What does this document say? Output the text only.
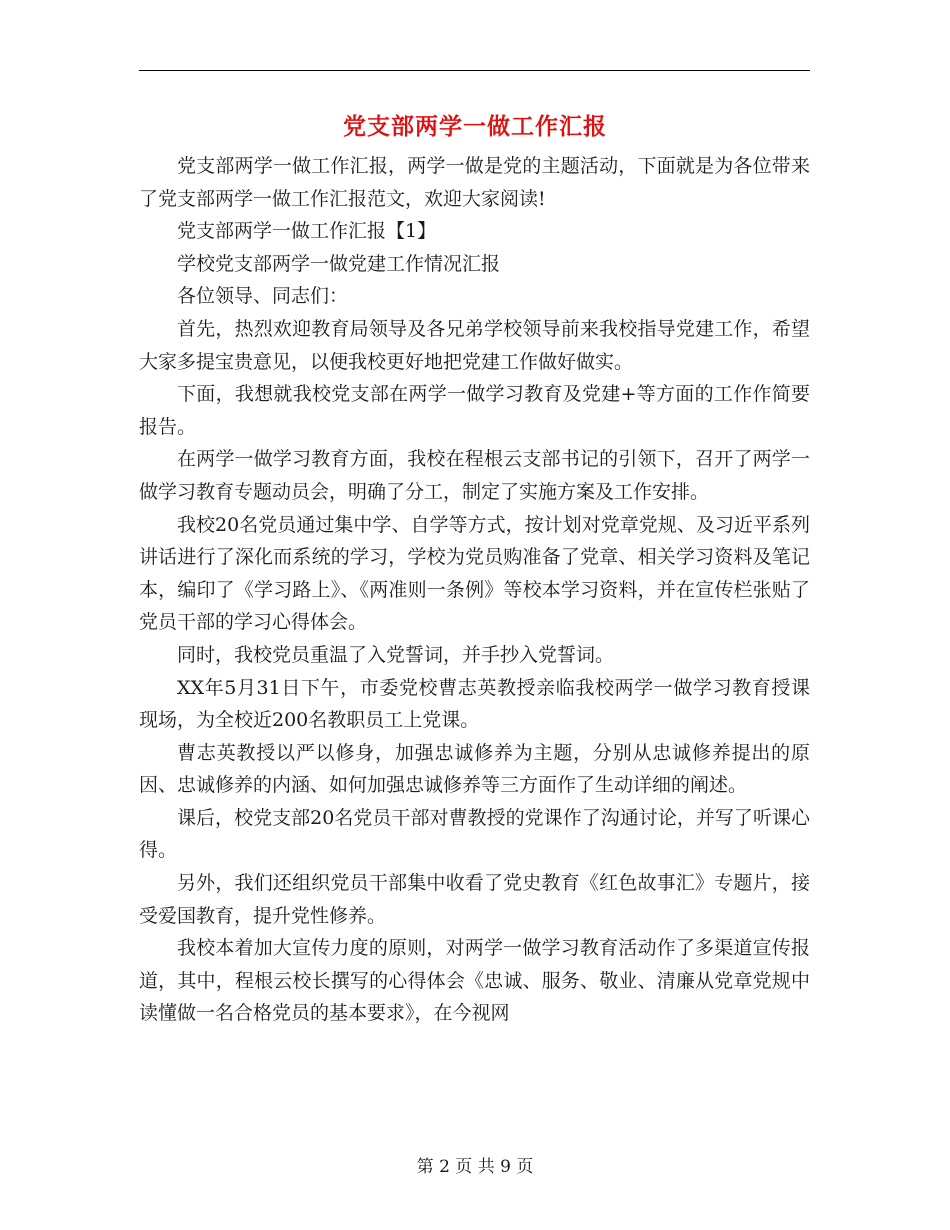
党支部两学一做工作汇报

党支部两学一做工作汇报，两学一做是党的主题活动，下面就是为各位带来了党支部两学一做工作汇报范文，欢迎大家阅读!

党支部两学一做工作汇报【1】

学校党支部两学一做党建工作情况汇报

各位领导、同志们：

首先，热烈欢迎教育局领导及各兄弟学校领导前来我校指导党建工作，希望大家多提宝贵意见，以便我校更好地把党建工作做好做实。

下面，我想就我校党支部在两学一做学习教育及党建+等方面的工作作简要报告。

在两学一做学习教育方面，我校在程根云支部书记的引领下，召开了两学一做学习教育专题动员会，明确了分工，制定了实施方案及工作安排。

我校20名党员通过集中学、自学等方式，按计划对党章党规、及习近平系列讲话进行了深化而系统的学习，学校为党员购准备了党章、相关学习资料及笔记本，编印了《学习路上》、《两准则一条例》等校本学习资料，并在宣传栏张贴了党员干部的学习心得体会。

同时，我校党员重温了入党誓词，并手抄入党誓词。

XX年5月31日下午，市委党校曹志英教授亲临我校两学一做学习教育授课现场，为全校近200名教职员工上党课。

曹志英教授以严以修身，加强忠诚修养为主题，分别从忠诚修养提出的原因、忠诚修养的内涵、如何加强忠诚修养等三方面作了生动详细的阐述。

课后，校党支部20名党员干部对曹教授的党课作了沟通讨论，并写了听课心得。

另外，我们还组织党员干部集中收看了党史教育《红色故事汇》专题片，接受爱国教育，提升党性修养。

我校本着加大宣传力度的原则，对两学一做学习教育活动作了多渠道宣传报道，其中，程根云校长撰写的心得体会《忠诚、服务、敬业、清廉从党章党规中读懂做一名合格党员的基本要求》，在今视网

第 2 页 共 9 页
